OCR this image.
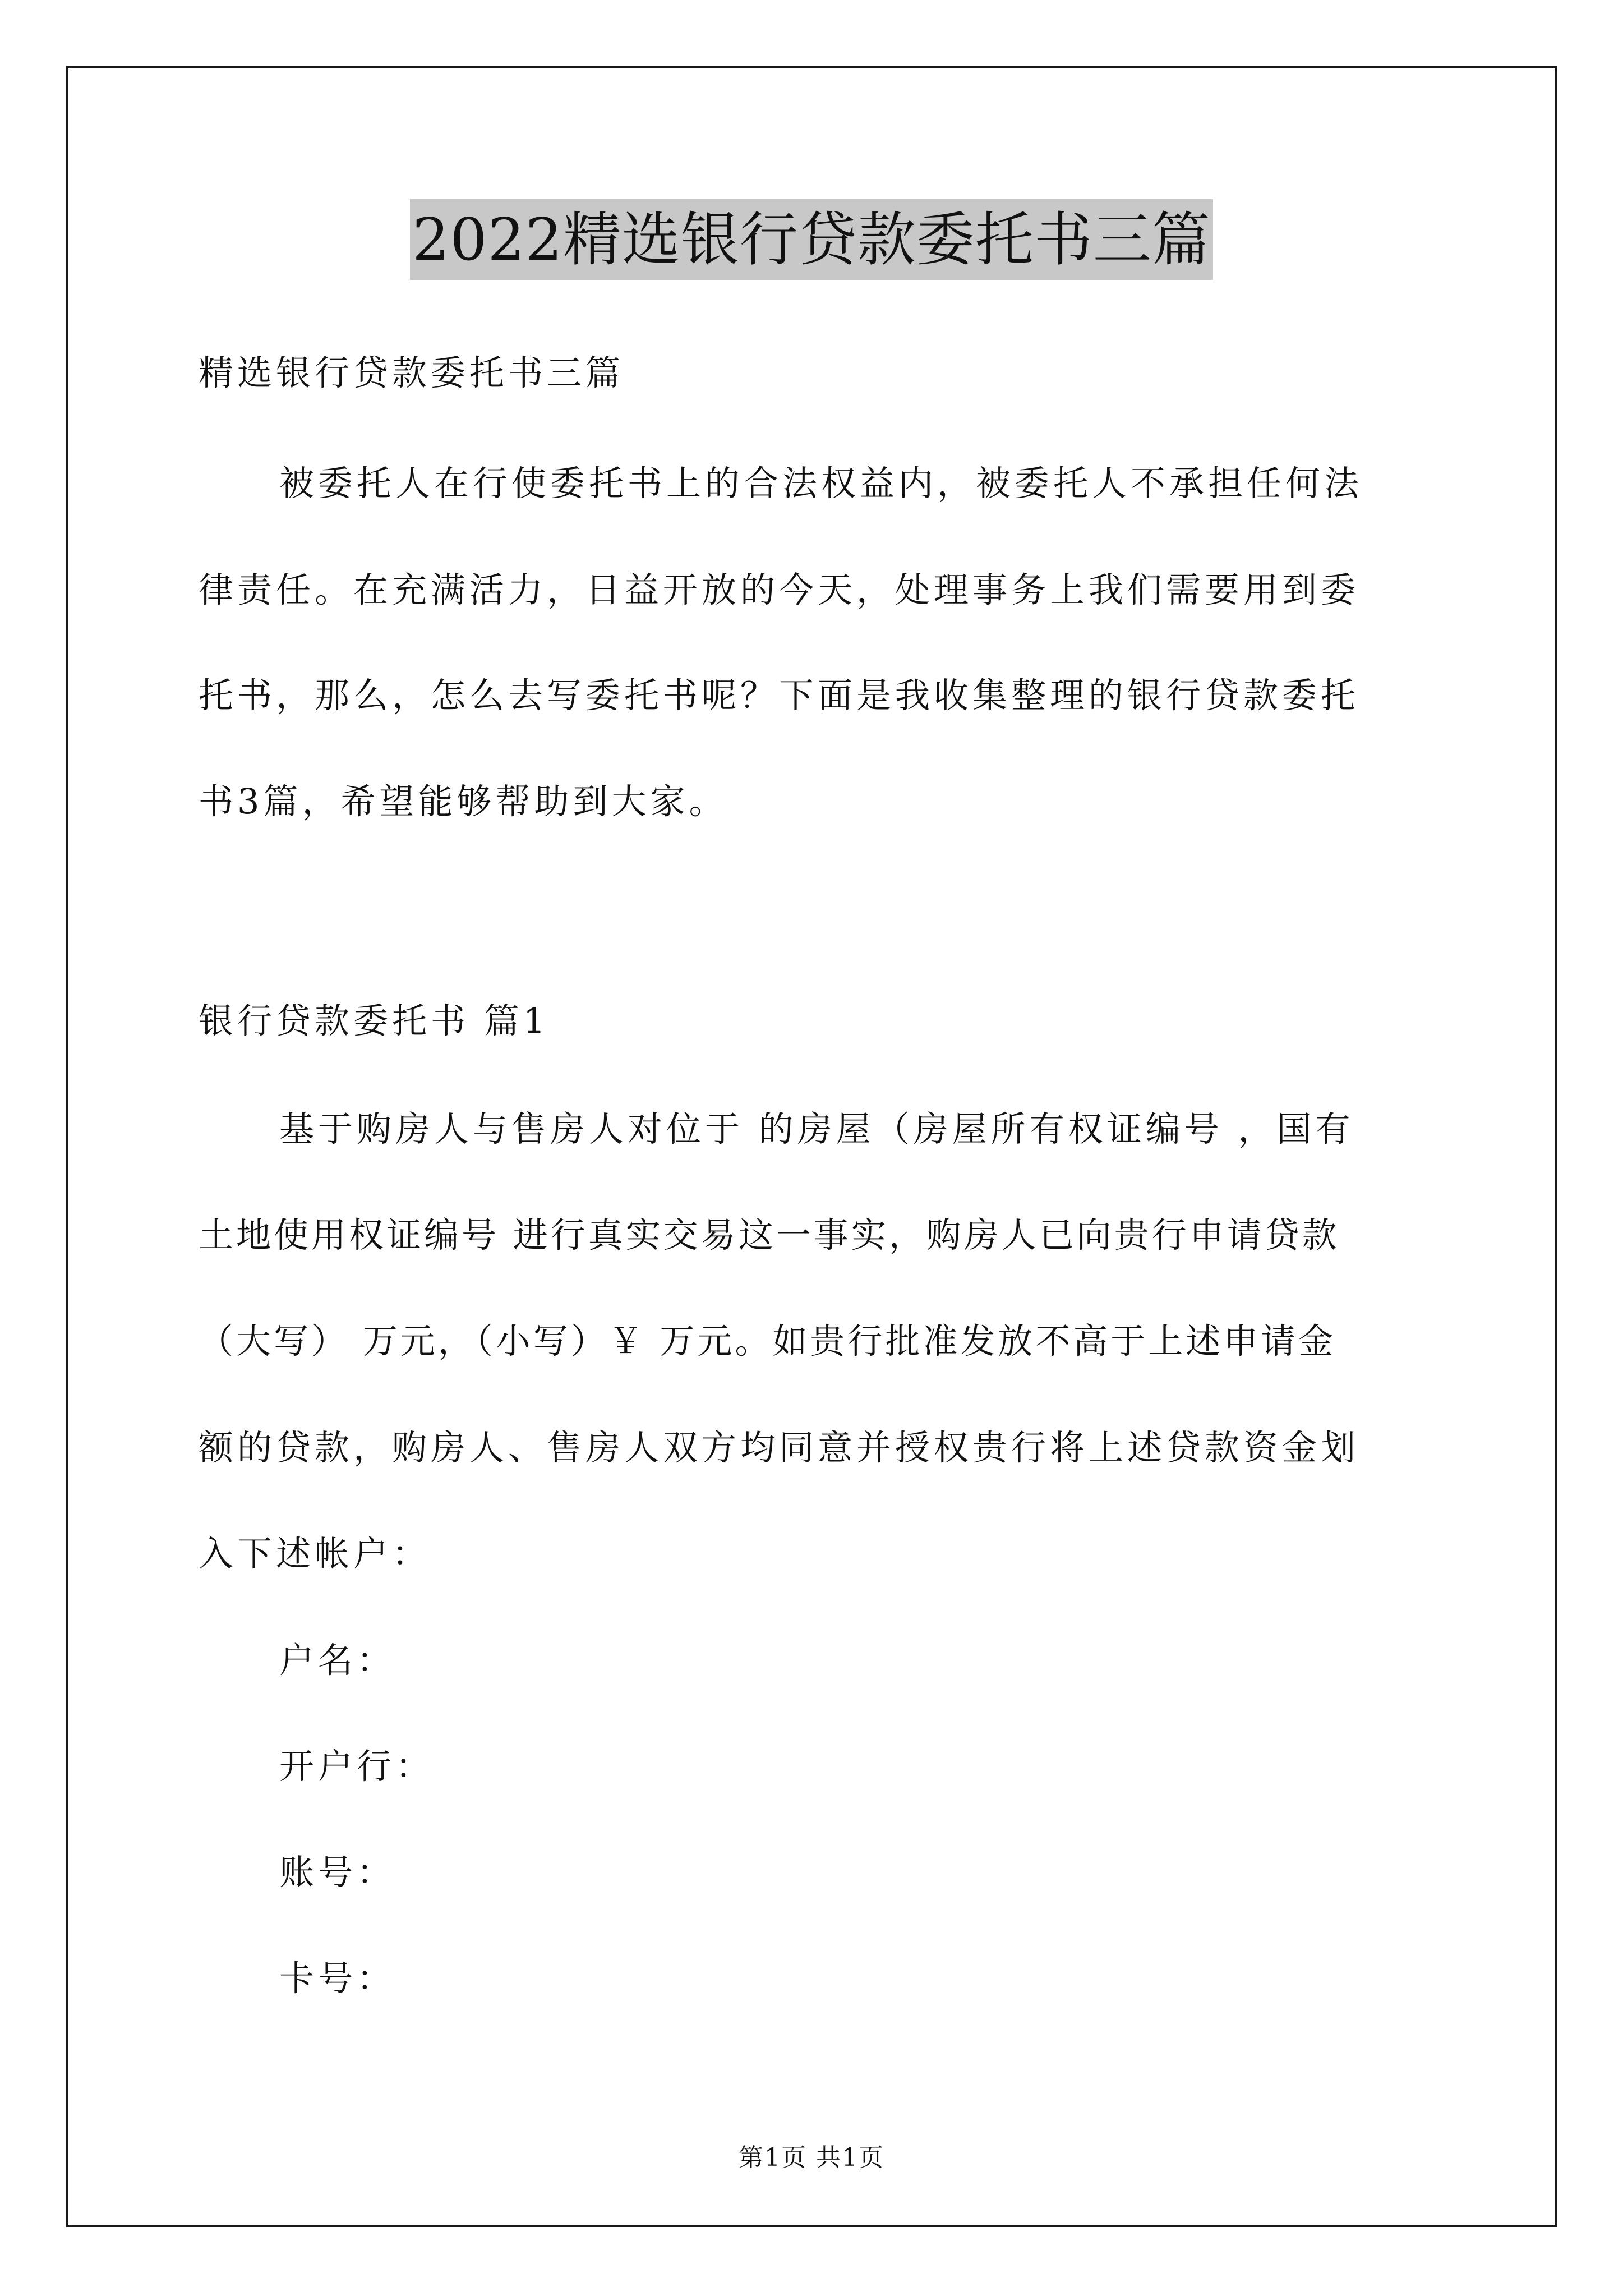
2022精选银行贷款委托书三篇
精选银行贷款委托书三篇
被委托人在行使委托书上的合法权益内，被委托人不承担任何法
律责任。在充满活力，日益开放的今天，处理事务上我们需要用到委
托书，那么，怎么去写委托书呢？下面是我收集整理的银行贷款委托
书3篇，希望能够帮助到大家。
银行贷款委托书 篇1
基于购房人与售房人对位于 的房屋（房屋所有权证编号 ，国有
土地使用权证编号 进行真实交易这一事实，购房人已向贵行申请贷款
（大写） 万元，（小写）￥ 万元。如贵行批准发放不高于上述申请金
额的贷款，购房人、售房人双方均同意并授权贵行将上述贷款资金划
入下述帐户：
户名：
开户行：
账号：
卡号：
第1页 共1页
